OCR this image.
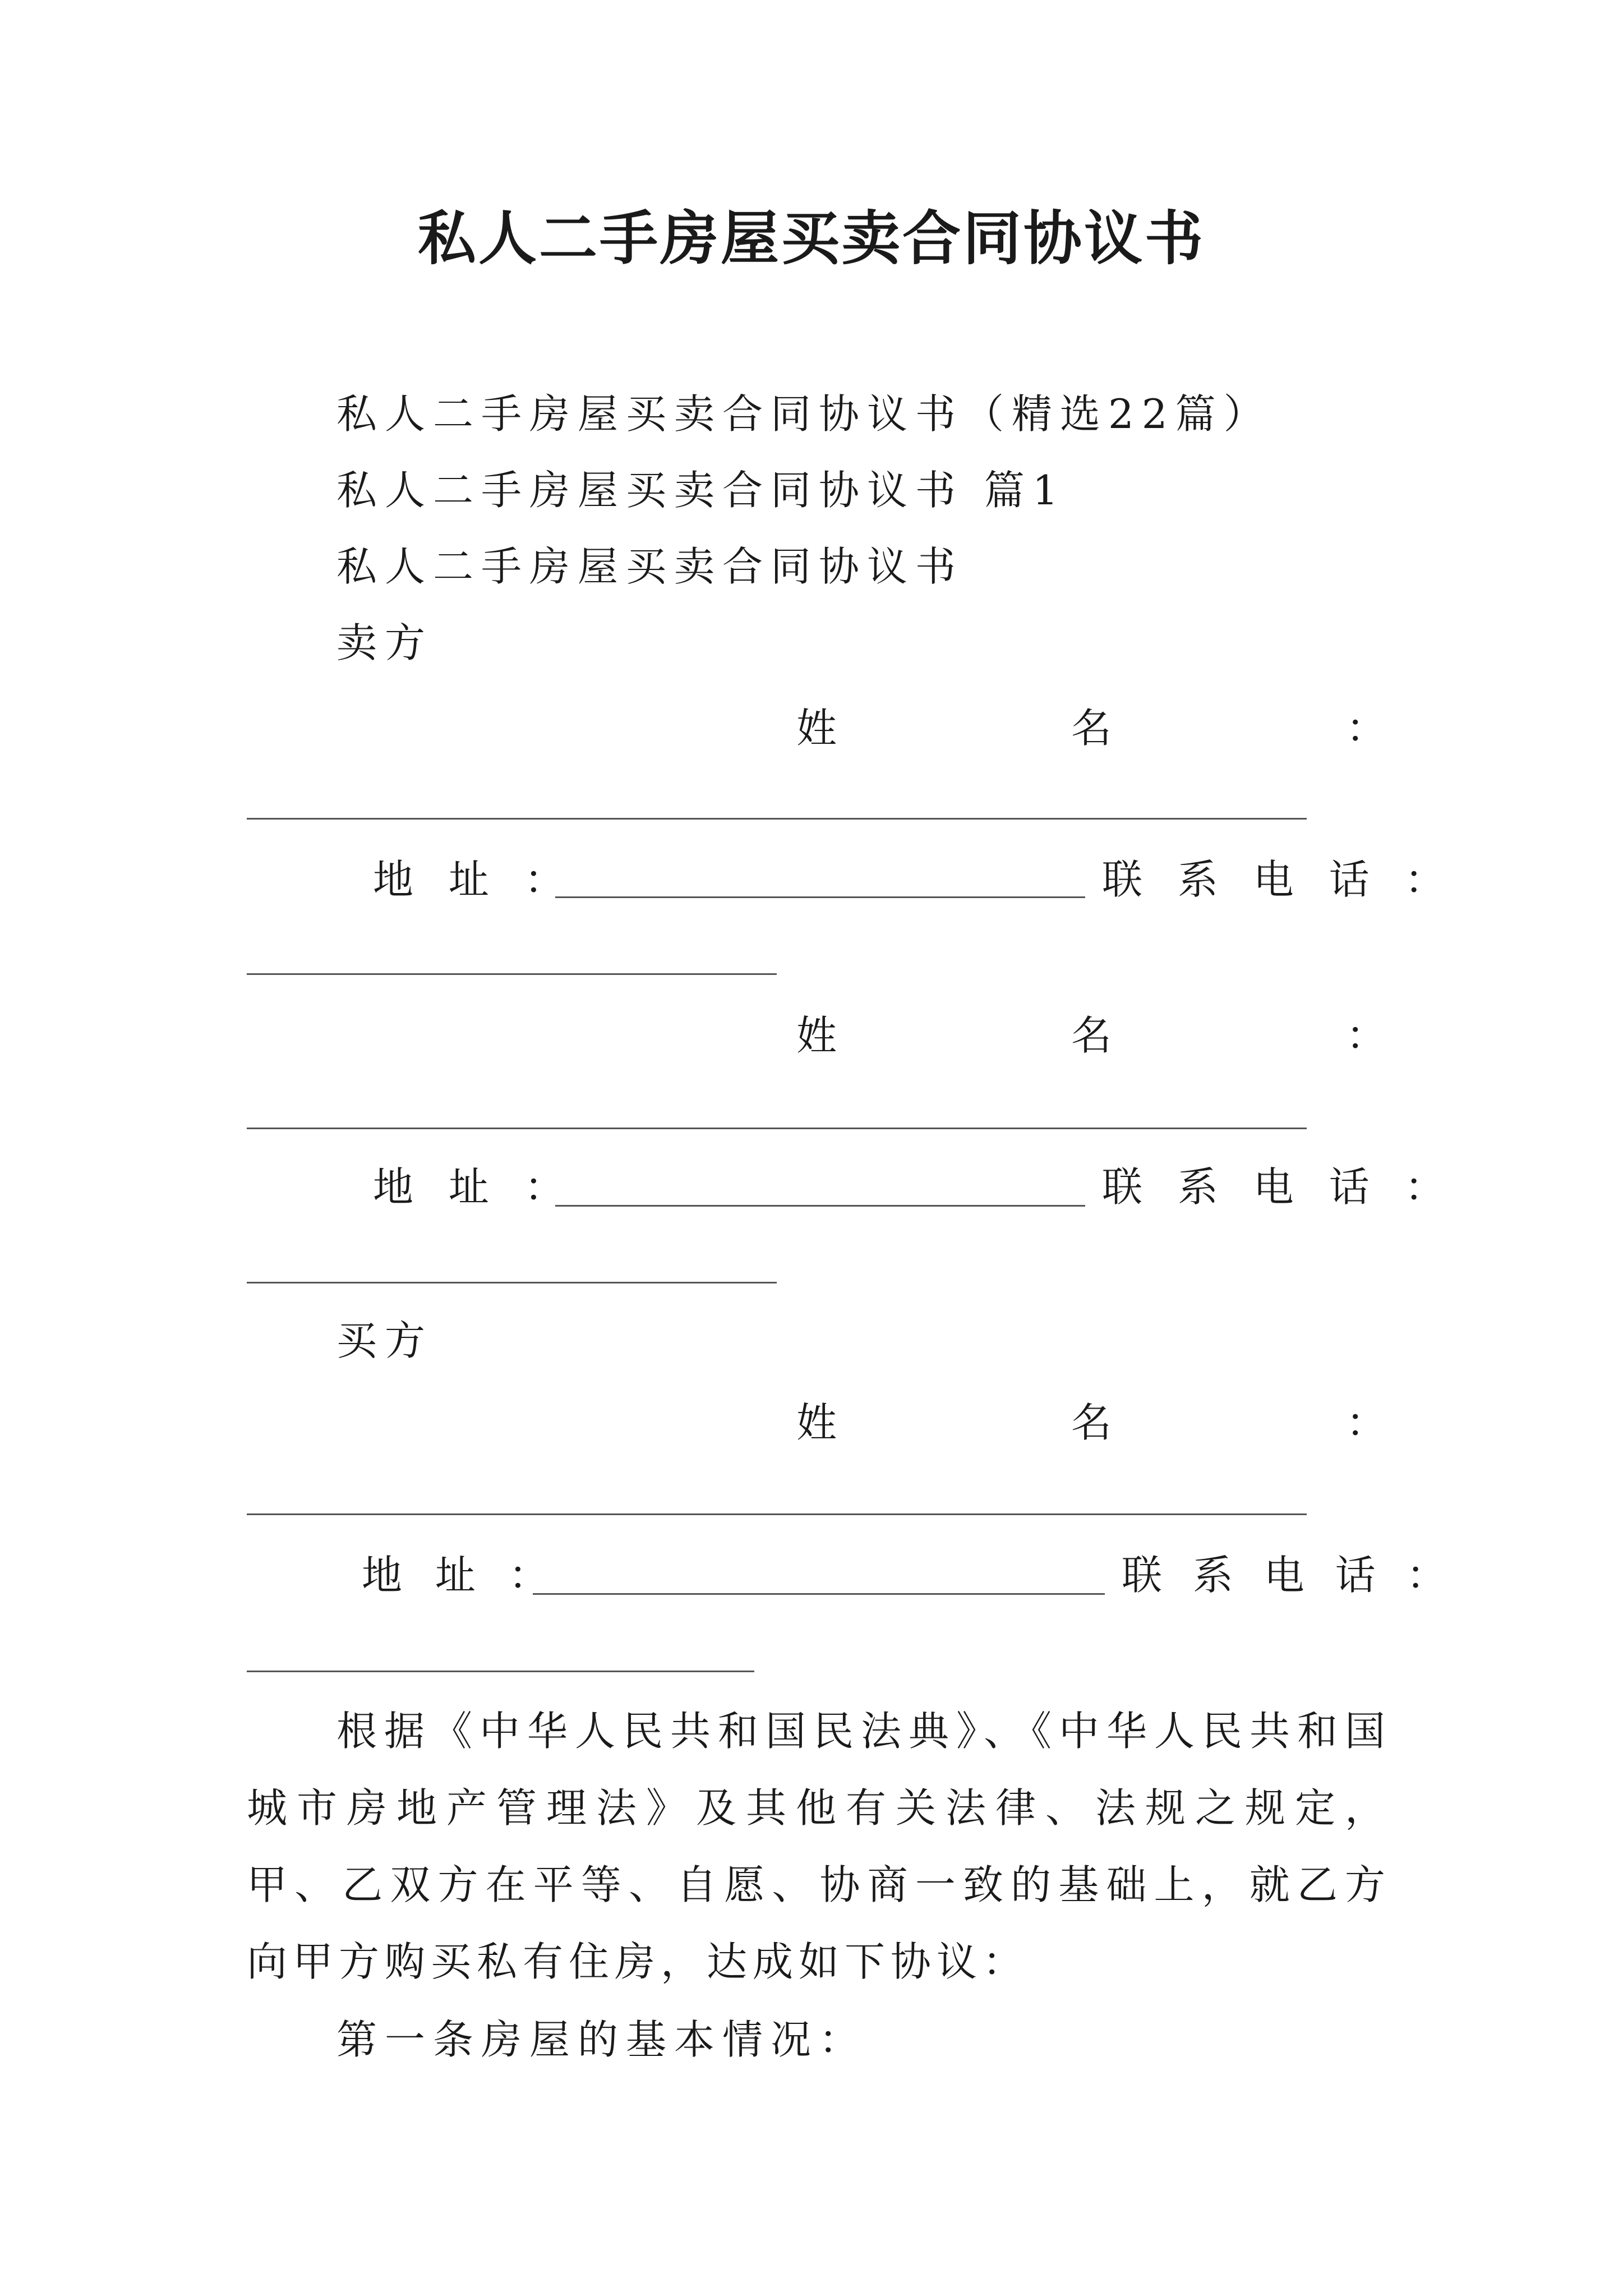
私人二手房屋买卖合同协议书
私人二手房屋买卖合同协议书（精选22篇）
私人二手房屋买卖合同协议书 篇1
私人二手房屋买卖合同协议书
卖方
姓	名	：
地 址 ：	联 系 电 话 ：
姓	名	：
地 址 ：	联 系 电 话 ：
买方
姓	名	：
地 址 ：	联 系 电 话 ：
根据《中华人民共和国民法典》、《中华人民共和国城市房地产管理法》及其他有关法律、法规之规定，甲、乙双方在平等、自愿、协商一致的基础上，就乙方向甲方购买私有住房，达成如下协议：
第一条房屋的基本情况：
